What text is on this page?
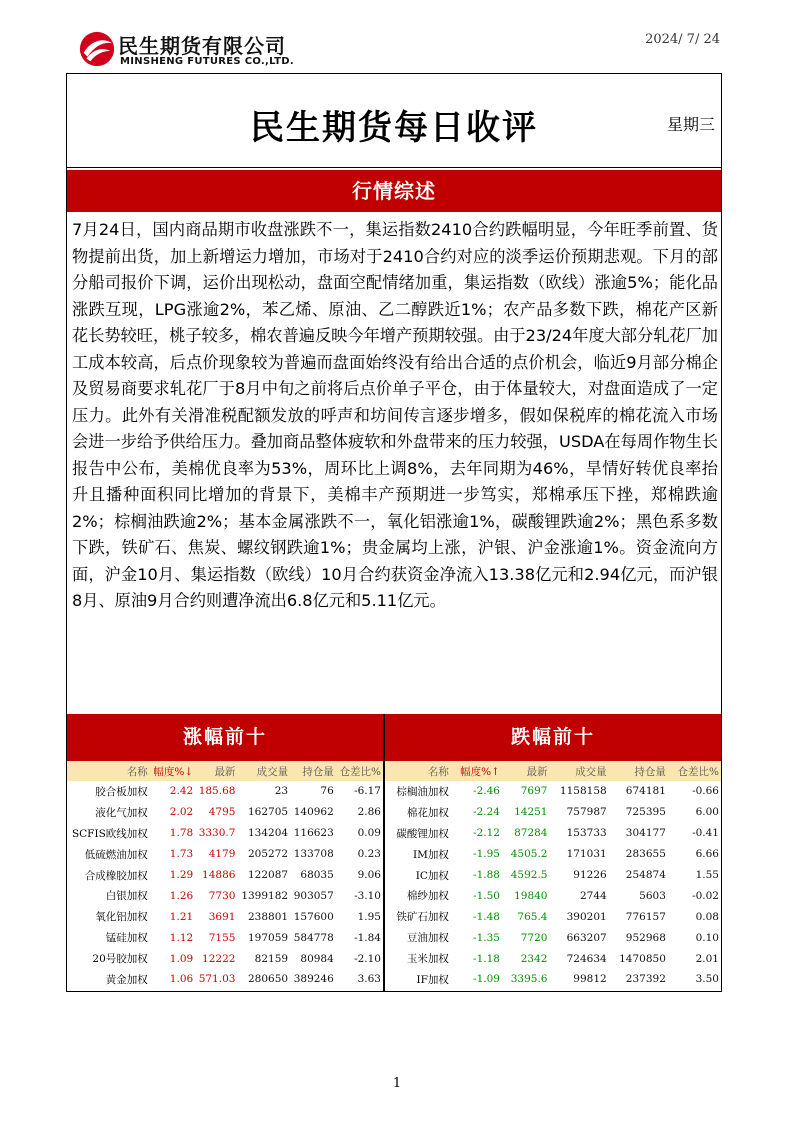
民生期货有限公司
MINSHENG FUTURES CO.,LTD.
2024/ 7/ 24
民生期货每日收评	星期三
行情综述
7月24日，国内商品期市收盘涨跌不一，集运指数2410合约跌幅明显，今年旺季前置、货物提前出货，加上新增运力增加，市场对于2410合约对应的淡季运价预期悲观。下月的部分船司报价下调，运价出现松动，盘面空配情绪加重，集运指数（欧线）涨逾5%；能化品涨跌互现，LPG涨逾2%，苯乙烯、原油、乙二醇跌近1%；农产品多数下跌，棉花产区新花长势较旺，桃子较多，棉农普遍反映今年增产预期较强。由于23/24年度大部分轧花厂加工成本较高，后点价现象较为普遍而盘面始终没有给出合适的点价机会，临近9月部分棉企及贸易商要求轧花厂于8月中旬之前将后点价单子平仓，由于体量较大，对盘面造成了一定压力。此外有关滑准税配额发放的呼声和坊间传言逐步增多，假如保税库的棉花流入市场会进一步给予供给压力。叠加商品整体疲软和外盘带来的压力较强，USDA在每周作物生长报告中公布，美棉优良率为53%，周环比上调8%，去年同期为46%，旱情好转优良率抬升且播种面积同比增加的背景下，美棉丰产预期进一步笃实，郑棉承压下挫，郑棉跌逾2%；棕榈油跌逾2%；基本金属涨跌不一，氧化铝涨逾1%，碳酸锂跌逾2%；黑色系多数下跌，铁矿石、焦炭、螺纹钢跌逾1%；贵金属均上涨，沪银、沪金涨逾1%。资金流向方面，沪金10月、集运指数（欧线）10月合约获资金净流入13.38亿元和2.94亿元，而沪银8月、原油9月合约则遭净流出6.8亿元和5.11亿元。
涨幅前十
名称	幅度%↓	最新	成交量	持仓量	仓差比%
胶合板加权	2.42	185.68	23	76	-6.17
液化气加权	2.02	4795	162705	140962	2.86
SCFIS欧线加权	1.78	3330.7	134204	116623	0.09
低硫燃油加权	1.73	4179	205272	133708	0.23
合成橡胶加权	1.29	14886	122087	68035	9.06
白银加权	1.26	7730	1399182	903057	-3.10
氧化铝加权	1.21	3691	238801	157600	1.95
锰硅加权	1.12	7155	197059	584778	-1.84
20号胶加权	1.09	12222	82159	80984	-2.10
黄金加权	1.06	571.03	280650	389246	3.63
跌幅前十
名称	幅度%↑	最新	成交量	持仓量	仓差比%
棕榈油加权	-2.46	7697	1158158	674181	-0.66
棉花加权	-2.24	14251	757987	725395	6.00
碳酸锂加权	-2.12	87284	153733	304177	-0.41
IM加权	-1.95	4505.2	171031	283655	6.66
IC加权	-1.88	4592.5	91226	254874	1.55
棉纱加权	-1.50	19840	2744	5603	-0.02
铁矿石加权	-1.48	765.4	390201	776157	0.08
豆油加权	-1.35	7720	663207	952968	0.10
玉米加权	-1.18	2342	724634	1470850	2.01
IF加权	-1.09	3395.6	99812	237392	3.50
1
